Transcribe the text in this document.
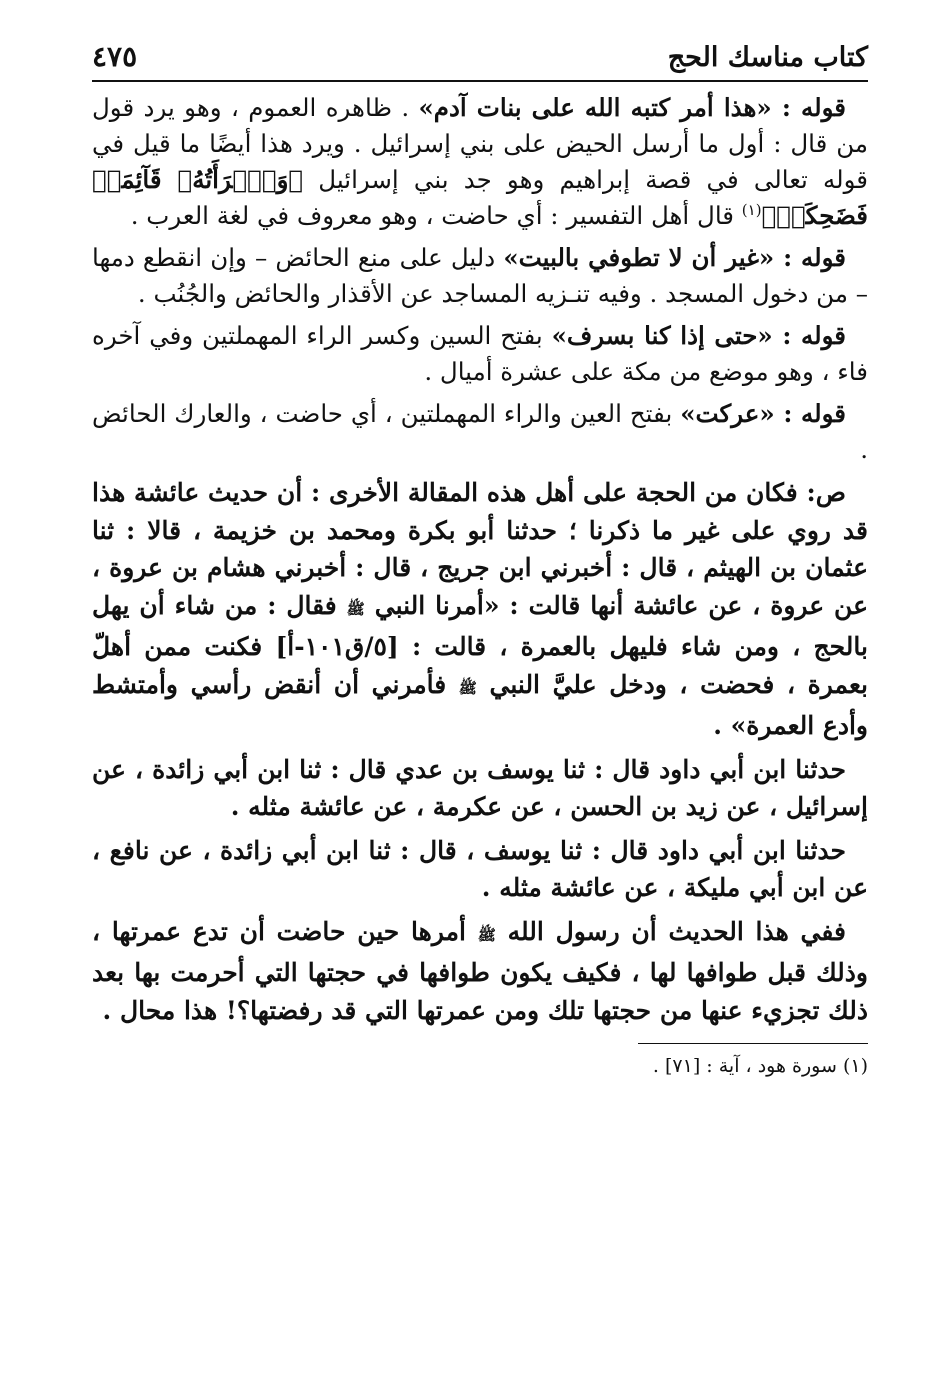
كتاب مناسك الحج
٤٧٥

قوله : «هذا أمر كتبه الله على بنات آدم» . ظاهره العموم ، وهو يرد قول من قال : أول ما أرسل الحيض على بني إسرائيل . ويرد هذا أيضًا ما قيل في قوله تعالى في قصة إبراهيم وهو جد بني إسرائيل ﴿وَٱمۡرَأَتُهُۥ قَآئِمَةٞ فَضَحِكَتۡ﴾$^{(١)}$ قال أهل التفسير : أي حاضت ، وهو معروف في لغة العرب .

قوله : «غير أن لا تطوفي بالبيت» دليل على منع الحائض – وإن انقطع دمها – من دخول المسجد . وفيه تنـزيه المساجد عن الأقذار والحائض والجُنُب .

قوله : «حتى إذا كنا بسرف» بفتح السين وكسر الراء المهملتين وفي آخره فاء ، وهو موضع من مكة على عشرة أميال .

قوله : «عركت» بفتح العين والراء المهملتين ، أي حاضت ، والعارك الحائض .

ص: فكان من الحجة على أهل هذه المقالة الأخرى : أن حديث عائشة هذا قد روي على غير ما ذكرنا ؛ حدثنا أبو بكرة ومحمد بن خزيمة ، قالا : ثنا عثمان بن الهيثم ، قال : أخبرني ابن جريج ، قال : أخبرني هشام بن عروة ، عن عروة ، عن عائشة أنها قالت : «أمرنا النبي ﷺ فقال : من شاء أن يهل بالحج ، ومن شاء فليهل بالعمرة ، قالت : [٥/ق١٠١-أ] فكنت ممن أهلّ بعمرة ، فحضت ، ودخل عليَّ النبي ﷺ فأمرني أن أنقض رأسي وأمتشط وأدع العمرة» .

حدثنا ابن أبي داود قال : ثنا يوسف بن عدي قال : ثنا ابن أبي زائدة ، عن إسرائيل ، عن زيد بن الحسن ، عن عكرمة ، عن عائشة مثله .

حدثنا ابن أبي داود قال : ثنا يوسف ، قال : ثنا ابن أبي زائدة ، عن نافع ، عن ابن أبي مليكة ، عن عائشة مثله .

ففي هذا الحديث أن رسول الله ﷺ أمرها حين حاضت أن تدع عمرتها ، وذلك قبل طوافها لها ، فكيف يكون طوافها في حجتها التي أحرمت بها بعد ذلك تجزيء عنها من حجتها تلك ومن عمرتها التي قد رفضتها؟! هذا محال .

(١) سورة هود ، آية : [٧١] .
